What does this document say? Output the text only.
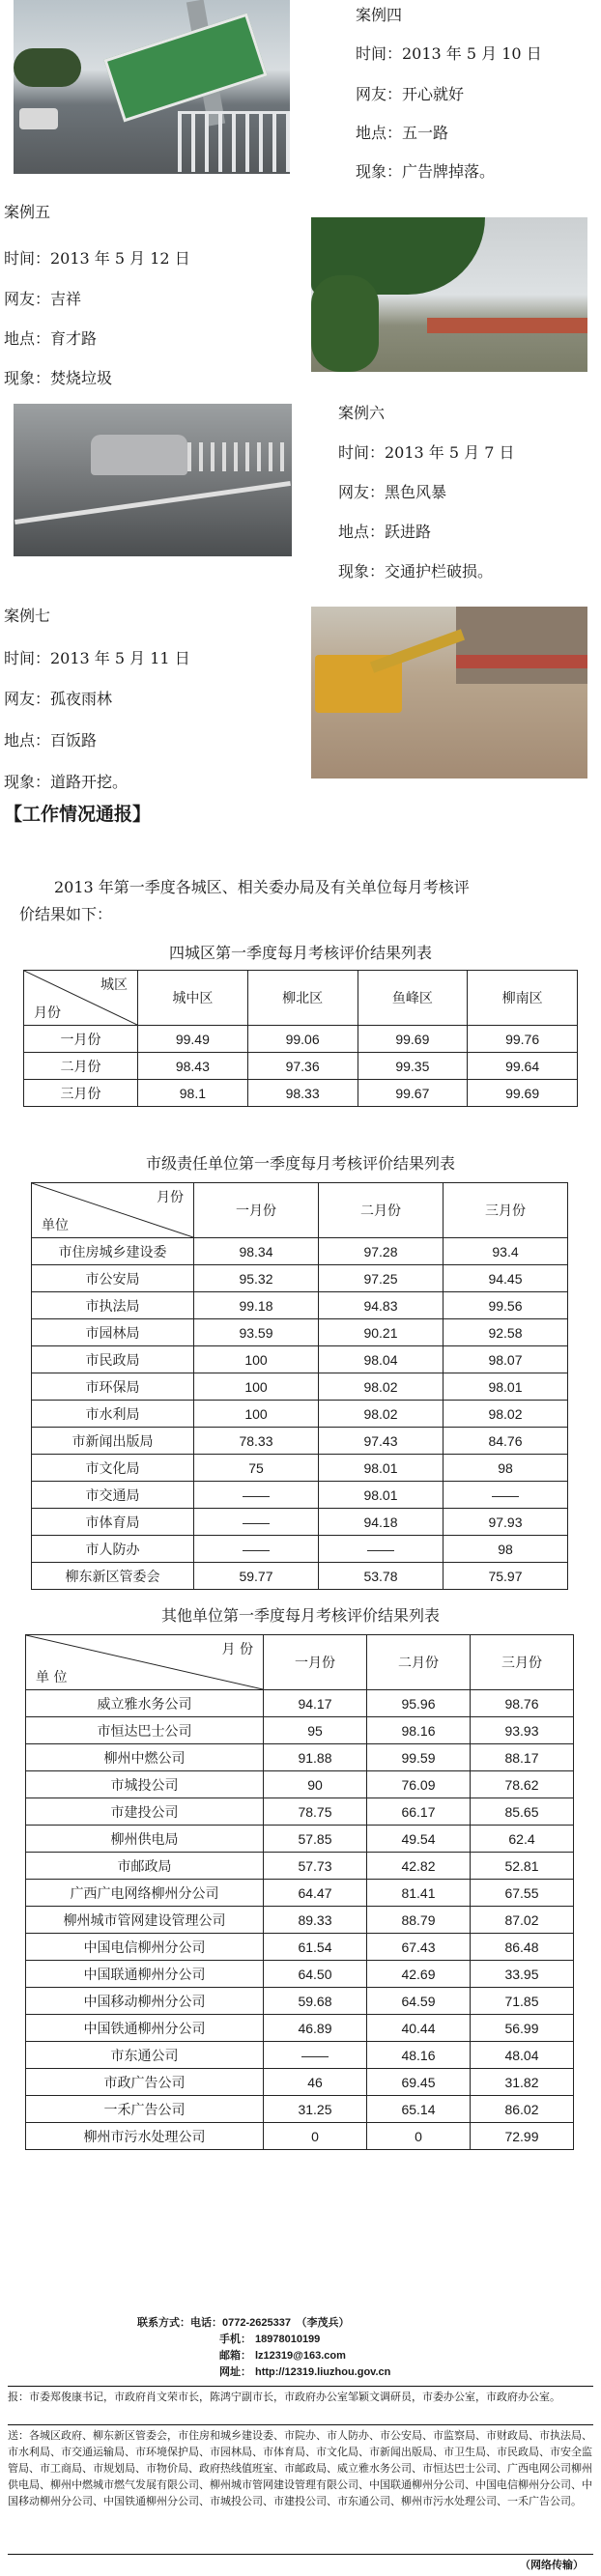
案例四
时间：2013 年 5 月 10 日
网友：开心就好
地点：五一路
现象：广告牌掉落。
案例五
时间：2013 年 5 月 12 日
网友：吉祥
地点：育才路
现象：焚烧垃圾
案例六
时间：2013 年 5 月 7 日
网友：黑色风暴
地点：跃进路
现象：交通护栏破损。
案例七
时间：2013 年 5 月 11 日
网友：孤夜雨林
地点：百饭路
现象：道路开挖。
【工作情况通报】
2013 年第一季度各城区、相关委办局及有关单位每月考核评
价结果如下：
四城区第一季度每月考核评价结果列表
城区
月份	城中区	柳北区	鱼峰区	柳南区
一月份	99.49	99.06	99.69	99.76
二月份	98.43	97.36	99.35	99.64
三月份	98.1	98.33	99.67	99.69
市级责任单位第一季度每月考核评价结果列表
月份
单位	一月份	二月份	三月份
市住房城乡建设委	98.34	97.28	93.4
市公安局	95.32	97.25	94.45
市执法局	99.18	94.83	99.56
市园林局	93.59	90.21	92.58
市民政局	100	98.04	98.07
市环保局	100	98.02	98.01
市水利局	100	98.02	98.02
市新闻出版局	78.33	97.43	84.76
市文化局	75	98.01	98
市交通局	——	98.01	——
市体育局	——	94.18	97.93
市人防办	——	——	98
柳东新区管委会	59.77	53.78	75.97
其他单位第一季度每月考核评价结果列表
月 份
单 位	一月份	二月份	三月份
威立雅水务公司	94.17	95.96	98.76
市恒达巴士公司	95	98.16	93.93
柳州中燃公司	91.88	99.59	88.17
市城投公司	90	76.09	78.62
市建投公司	78.75	66.17	85.65
柳州供电局	57.85	49.54	62.4
市邮政局	57.73	42.82	52.81
广西广电网络柳州分公司	64.47	81.41	67.55
柳州城市管网建设管理公司	89.33	88.79	87.02
中国电信柳州分公司	61.54	67.43	86.48
中国联通柳州分公司	64.50	42.69	33.95
中国移动柳州分公司	59.68	64.59	71.85
中国铁通柳州分公司	46.89	40.44	56.99
市东通公司	——	48.16	48.04
市政广告公司	46	69.45	31.82
一禾广告公司	31.25	65.14	86.02
柳州市污水处理公司	0	0	72.99
联系方式：电话：0772-2625337　（李茂兵）
手机： 18978010199
邮箱： lz12319@163.com
网址： http://12319.liuzhou.gov.cn
报：市委郑俊康书记，市政府肖文荣市长，陈鸿宁副市长，市政府办公室邹颖文调研员，市委办公室，市政府办公室。
送：各城区政府、柳东新区管委会，市住房和城乡建设委、市院办、市人防办、市公安局、市监察局、市财政局、市执法局、市水利局、市交通运输局、市环境保护局、市园林局、市体育局、市文化局、市新闻出版局、市卫生局、市民政局、市安全监管局、市工商局、市规划局、市物价局、政府热线值班室、市邮政局、威立雅水务公司、市恒达巴士公司、广西电网公司柳州供电局、柳州中燃城市燃气发展有限公司、柳州城市管网建设管理有限公司、中国联通柳州分公司、中国电信柳州分公司、中国移动柳州分公司、中国铁通柳州分公司、市城投公司、市建投公司、市东通公司、柳州市污水处理公司、一禾广告公司。
（网络传输）
